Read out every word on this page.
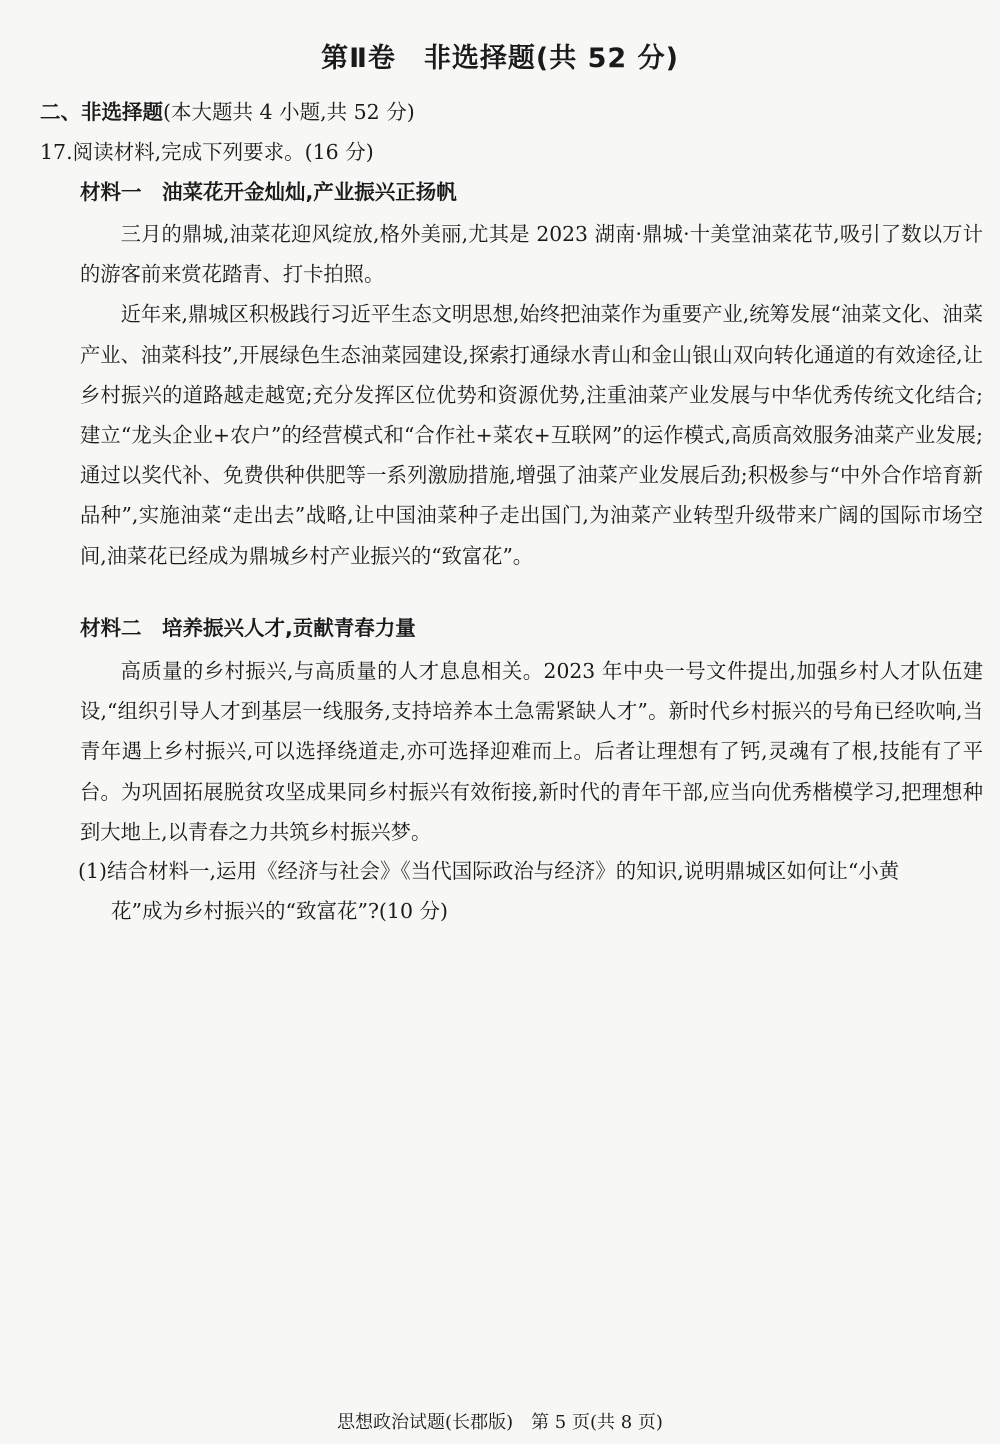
第Ⅱ卷　非选择题(共 52 分)
二、非选择题(本大题共 4 小题,共 52 分)
17.阅读材料,完成下列要求。(16 分)
材料一　油菜花开金灿灿,产业振兴正扬帆

三月的鼎城,油菜花迎风绽放,格外美丽,尤其是 2023 湖南·鼎城·十美堂油菜花节,吸引了数以万计的游客前来赏花踏青、打卡拍照。

近年来,鼎城区积极践行习近平生态文明思想,始终把油菜作为重要产业,统筹发展“油菜文化、油菜产业、油菜科技”,开展绿色生态油菜园建设,探索打通绿水青山和金山银山双向转化通道的有效途径,让乡村振兴的道路越走越宽;充分发挥区位优势和资源优势,注重油菜产业发展与中华优秀传统文化结合;建立“龙头企业+农户”的经营模式和“合作社+菜农+互联网”的运作模式,高质高效服务油菜产业发展;通过以奖代补、免费供种供肥等一系列激励措施,增强了油菜产业发展后劲;积极参与“中外合作培育新品种”,实施油菜“走出去”战略,让中国油菜种子走出国门,为油菜产业转型升级带来广阔的国际市场空间,油菜花已经成为鼎城乡村产业振兴的“致富花”。

材料二　培养振兴人才,贡献青春力量

高质量的乡村振兴,与高质量的人才息息相关。2023 年中央一号文件提出,加强乡村人才队伍建设,“组织引导人才到基层一线服务,支持培养本土急需紧缺人才”。新时代乡村振兴的号角已经吹响,当青年遇上乡村振兴,可以选择绕道走,亦可选择迎难而上。后者让理想有了钙,灵魂有了根,技能有了平台。为巩固拓展脱贫攻坚成果同乡村振兴有效衔接,新时代的青年干部,应当向优秀楷模学习,把理想种到大地上,以青春之力共筑乡村振兴梦。

(1)结合材料一,运用《经济与社会》《当代国际政治与经济》的知识,说明鼎城区如何让“小黄
花”成为乡村振兴的“致富花”?(10 分)
思想政治试题(长郡版)　第 5 页(共 8 页)
